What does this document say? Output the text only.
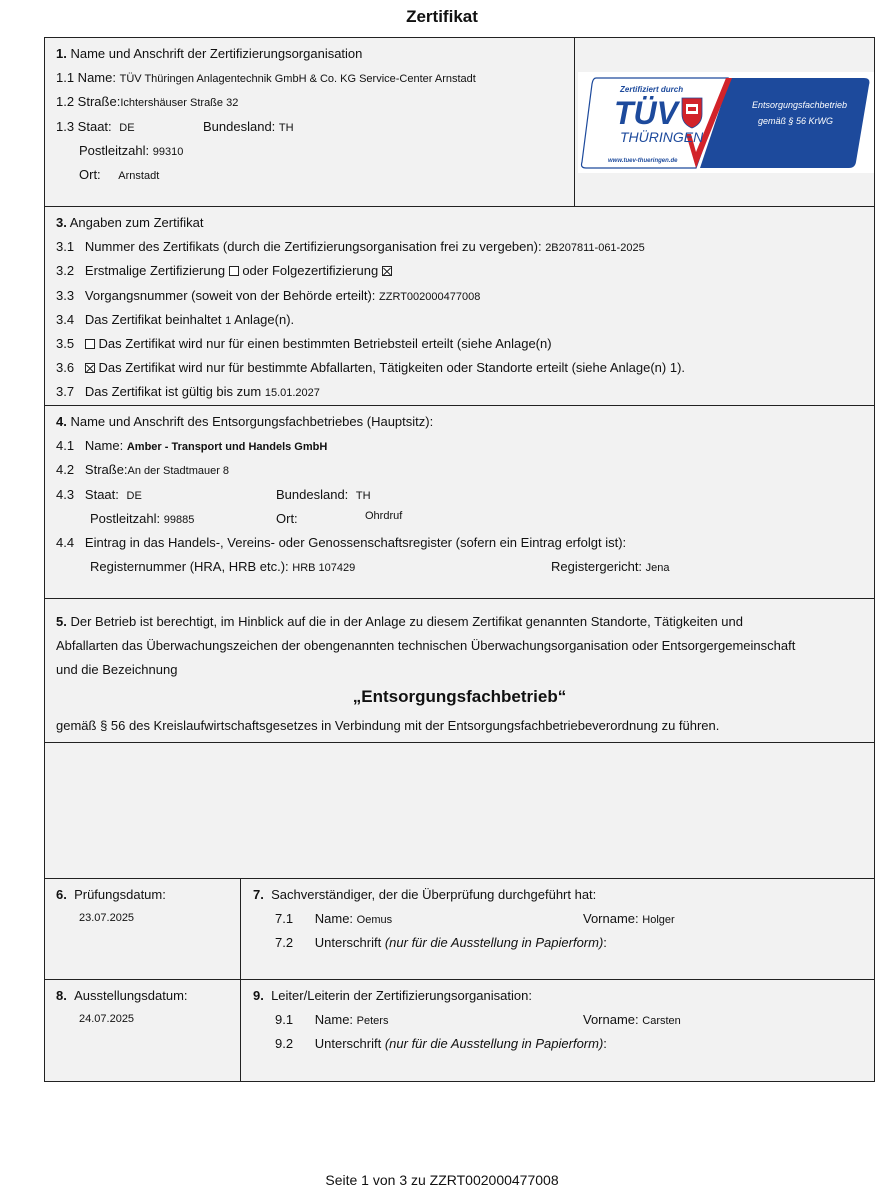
Zertifikat
1. Name und Anschrift der Zertifizierungsorganisation
1.1 Name: TÜV Thüringen Anlagentechnik GmbH & Co. KG Service-Center Arnstadt
1.2 Straße:Ichtershäuser Straße 32
1.3 Staat: DE	Bundesland: TH
Postleitzahl: 99310
Ort: Arnstadt
Zertifiziert durch
TÜV
THÜRINGEN
www.tuev-thueringen.de
Entsorgungsfachbetrieb
gemäß § 56 KrWG
3. Angaben zum Zertifikat
3.1 Nummer des Zertifikats (durch die Zertifizierungsorganisation frei zu vergeben): 2B207811-061-2025
3.2 Erstmalige Zertifizierung oder Folgezertifizierung
3.3 Vorgangsnummer (soweit von der Behörde erteilt): ZZRT002000477008
3.4 Das Zertifikat beinhaltet 1 Anlage(n).
3.5 Das Zertifikat wird nur für einen bestimmten Betriebsteil erteilt (siehe Anlage(n)
3.6 Das Zertifikat wird nur für bestimmte Abfallarten, Tätigkeiten oder Standorte erteilt (siehe Anlage(n) 1).
3.7 Das Zertifikat ist gültig bis zum 15.01.2027
4. Name und Anschrift des Entsorgungsfachbetriebes (Hauptsitz):
4.1 Name: Amber - Transport und Handels GmbH
4.2 Straße:An der Stadtmauer 8
4.3 Staat: DE	Bundesland: TH
Postleitzahl: 99885	Ort:	Ohrdruf
4.4 Eintrag in das Handels-, Vereins- oder Genossenschaftsregister (sofern ein Eintrag erfolgt ist):
Registernummer (HRA, HRB etc.): HRB 107429	Registergericht: Jena
5. Der Betrieb ist berechtigt, im Hinblick auf die in der Anlage zu diesem Zertifikat genannten Standorte, Tätigkeiten und
Abfallarten das Überwachungszeichen der obengenannten technischen Überwachungsorganisation oder Entsorgergemeinschaft
und die Bezeichnung
„Entsorgungsfachbetrieb“
gemäß § 56 des Kreislaufwirtschaftsgesetzes in Verbindung mit der Entsorgungsfachbetriebeverordnung zu führen.
6. Prüfungsdatum:
23.07.2025
7. Sachverständiger, der die Überprüfung durchgeführt hat:
7.1 Name: Oemus	Vorname: Holger
7.2 Unterschrift (nur für die Ausstellung in Papierform):
8. Ausstellungsdatum:
24.07.2025
9. Leiter/Leiterin der Zertifizierungsorganisation:
9.1 Name: Peters	Vorname: Carsten
9.2 Unterschrift (nur für die Ausstellung in Papierform):
Seite 1 von 3 zu ZZRT002000477008
